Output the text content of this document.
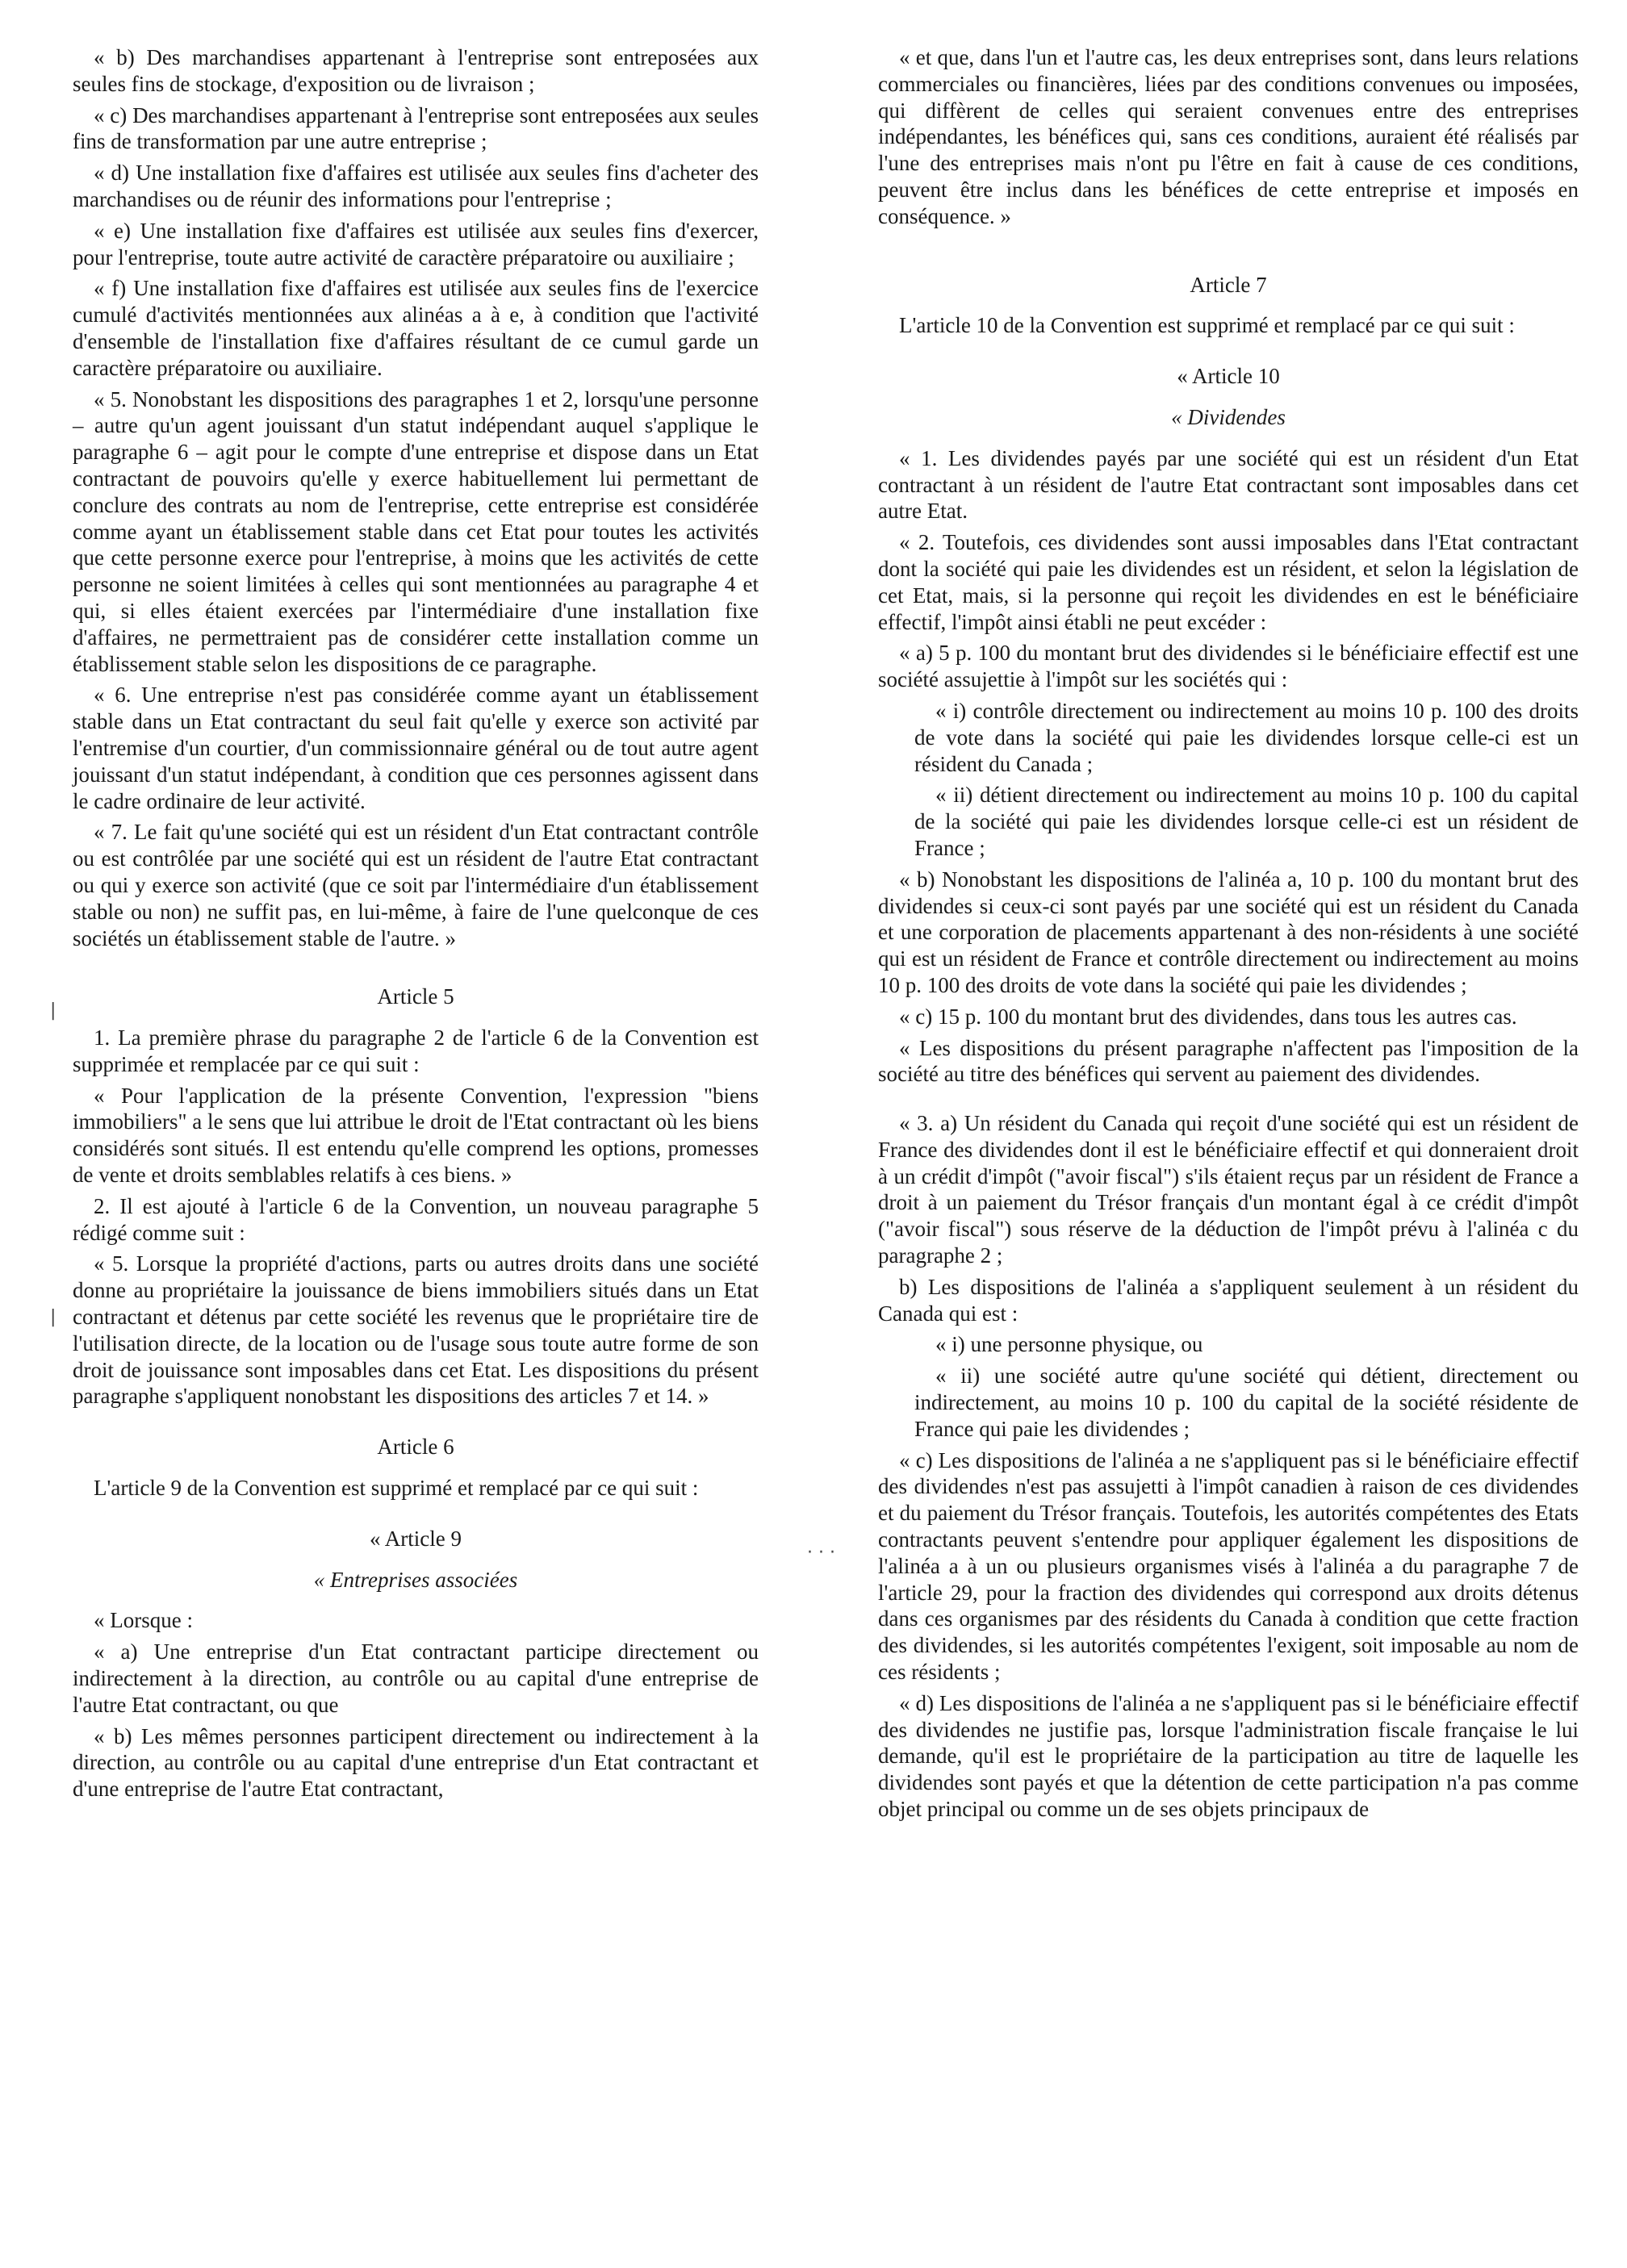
« b) Des marchandises appartenant à l'entreprise sont entreposées aux seules fins de stockage, d'exposition ou de livraison ;

« c) Des marchandises appartenant à l'entreprise sont entreposées aux seules fins de transformation par une autre entreprise ;

« d) Une installation fixe d'affaires est utilisée aux seules fins d'acheter des marchandises ou de réunir des informations pour l'entreprise ;

« e) Une installation fixe d'affaires est utilisée aux seules fins d'exercer, pour l'entreprise, toute autre activité de caractère préparatoire ou auxiliaire ;

« f) Une installation fixe d'affaires est utilisée aux seules fins de l'exercice cumulé d'activités mentionnées aux alinéas a à e, à condition que l'activité d'ensemble de l'installation fixe d'affaires résultant de ce cumul garde un caractère préparatoire ou auxiliaire.

« 5. Nonobstant les dispositions des paragraphes 1 et 2, lorsqu'une personne – autre qu'un agent jouissant d'un statut indépendant auquel s'applique le paragraphe 6 – agit pour le compte d'une entreprise et dispose dans un Etat contractant de pouvoirs qu'elle y exerce habituellement lui permettant de conclure des contrats au nom de l'entreprise, cette entreprise est considérée comme ayant un établissement stable dans cet Etat pour toutes les activités que cette personne exerce pour l'entreprise, à moins que les activités de cette personne ne soient limitées à celles qui sont mentionnées au paragraphe 4 et qui, si elles étaient exercées par l'intermédiaire d'une installation fixe d'affaires, ne permettraient pas de considérer cette installation comme un établissement stable selon les dispositions de ce paragraphe.

« 6. Une entreprise n'est pas considérée comme ayant un établissement stable dans un Etat contractant du seul fait qu'elle y exerce son activité par l'entremise d'un courtier, d'un commissionnaire général ou de tout autre agent jouissant d'un statut indépendant, à condition que ces personnes agissent dans le cadre ordinaire de leur activité.

« 7. Le fait qu'une société qui est un résident d'un Etat contractant contrôle ou est contrôlée par une société qui est un résident de l'autre Etat contractant ou qui y exerce son activité (que ce soit par l'intermédiaire d'un établissement stable ou non) ne suffit pas, en lui-même, à faire de l'une quelconque de ces sociétés un établissement stable de l'autre. »

Article 5

1. La première phrase du paragraphe 2 de l'article 6 de la Convention est supprimée et remplacée par ce qui suit :

« Pour l'application de la présente Convention, l'expression "biens immobiliers" a le sens que lui attribue le droit de l'Etat contractant où les biens considérés sont situés. Il est entendu qu'elle comprend les options, promesses de vente et droits semblables relatifs à ces biens. »

2. Il est ajouté à l'article 6 de la Convention, un nouveau paragraphe 5 rédigé comme suit :

« 5. Lorsque la propriété d'actions, parts ou autres droits dans une société donne au propriétaire la jouissance de biens immobiliers situés dans un Etat contractant et détenus par cette société les revenus que le propriétaire tire de l'utilisation directe, de la location ou de l'usage sous toute autre forme de son droit de jouissance sont imposables dans cet Etat. Les dispositions du présent paragraphe s'appliquent nonobstant les dispositions des articles 7 et 14. »

Article 6

L'article 9 de la Convention est supprimé et remplacé par ce qui suit :

« Article 9
« Entreprises associées

« Lorsque :

« a) Une entreprise d'un Etat contractant participe directement ou indirectement à la direction, au contrôle ou au capital d'une entreprise de l'autre Etat contractant, ou que

« b) Les mêmes personnes participent directement ou indirectement à la direction, au contrôle ou au capital d'une entreprise d'un Etat contractant et d'une entreprise de l'autre Etat contractant,

« et que, dans l'un et l'autre cas, les deux entreprises sont, dans leurs relations commerciales ou financières, liées par des conditions convenues ou imposées, qui diffèrent de celles qui seraient convenues entre des entreprises indépendantes, les bénéfices qui, sans ces conditions, auraient été réalisés par l'une des entreprises mais n'ont pu l'être en fait à cause de ces conditions, peuvent être inclus dans les bénéfices de cette entreprise et imposés en conséquence. »

Article 7

L'article 10 de la Convention est supprimé et remplacé par ce qui suit :

« Article 10
« Dividendes

« 1. Les dividendes payés par une société qui est un résident d'un Etat contractant à un résident de l'autre Etat contractant sont imposables dans cet autre Etat.

« 2. Toutefois, ces dividendes sont aussi imposables dans l'Etat contractant dont la société qui paie les dividendes est un résident, et selon la législation de cet Etat, mais, si la personne qui reçoit les dividendes en est le bénéficiaire effectif, l'impôt ainsi établi ne peut excéder :

« a) 5 p. 100 du montant brut des dividendes si le bénéficiaire effectif est une société assujettie à l'impôt sur les sociétés qui :

« i) contrôle directement ou indirectement au moins 10 p. 100 des droits de vote dans la société qui paie les dividendes lorsque celle-ci est un résident du Canada ;

« ii) détient directement ou indirectement au moins 10 p. 100 du capital de la société qui paie les dividendes lorsque celle-ci est un résident de France ;

« b) Nonobstant les dispositions de l'alinéa a, 10 p. 100 du montant brut des dividendes si ceux-ci sont payés par une société qui est un résident du Canada et une corporation de placements appartenant à des non-résidents à une société qui est un résident de France et contrôle directement ou indirectement au moins 10 p. 100 des droits de vote dans la société qui paie les dividendes ;

« c) 15 p. 100 du montant brut des dividendes, dans tous les autres cas.

« Les dispositions du présent paragraphe n'affectent pas l'imposition de la société au titre des bénéfices qui servent au paiement des dividendes.

« 3. a) Un résident du Canada qui reçoit d'une société qui est un résident de France des dividendes dont il est le bénéficiaire effectif et qui donneraient droit à un crédit d'impôt ("avoir fiscal") s'ils étaient reçus par un résident de France a droit à un paiement du Trésor français d'un montant égal à ce crédit d'impôt ("avoir fiscal") sous réserve de la déduction de l'impôt prévu à l'alinéa c du paragraphe 2 ;

b) Les dispositions de l'alinéa a s'appliquent seulement à un résident du Canada qui est :

« i) une personne physique, ou

« ii) une société autre qu'une société qui détient, directement ou indirectement, au moins 10 p. 100 du capital de la société résidente de France qui paie les dividendes ;

« c) Les dispositions de l'alinéa a ne s'appliquent pas si le bénéficiaire effectif des dividendes n'est pas assujetti à l'impôt canadien à raison de ces dividendes et du paiement du Trésor français. Toutefois, les autorités compétentes des Etats contractants peuvent s'entendre pour appliquer également les dispositions de l'alinéa a à un ou plusieurs organismes visés à l'alinéa a du paragraphe 7 de l'article 29, pour la fraction des dividendes qui correspond aux droits détenus dans ces organismes par des résidents du Canada à condition que cette fraction des dividendes, si les autorités compétentes l'exigent, soit imposable au nom de ces résidents ;

« d) Les dispositions de l'alinéa a ne s'appliquent pas si le bénéficiaire effectif des dividendes ne justifie pas, lorsque l'administration fiscale française le lui demande, qu'il est le propriétaire de la participation au titre de laquelle les dividendes sont payés et que la détention de cette participation n'a pas comme objet principal ou comme un de ses objets principaux de

· · ·
|
|
